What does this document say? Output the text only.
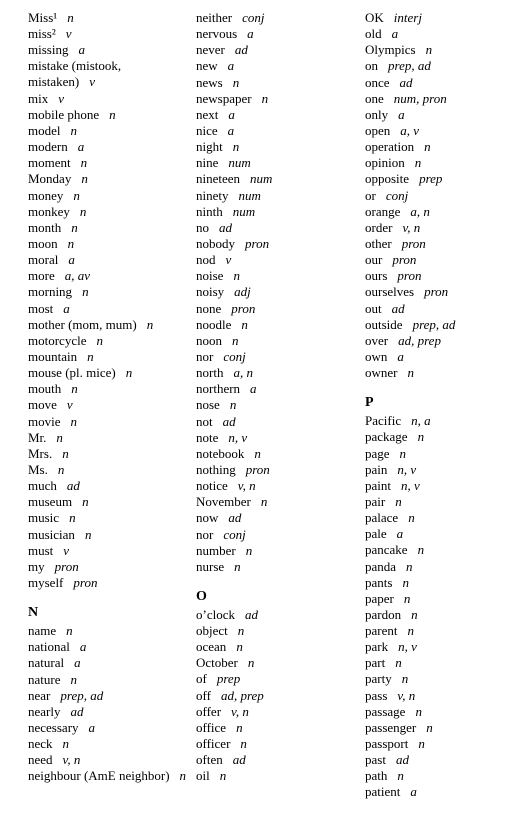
Miss¹ n
miss² v
missing a
mistake (mistook, mistaken) v
mix v
mobile phone n
model n
modern a
moment n
Monday n
money n
monkey n
month n
moon n
moral a
more a, av
morning n
most a
mother (mom, mum) n
motorcycle n
mountain n
mouse (pl. mice) n
mouth n
move v
movie n
Mr. n
Mrs. n
Ms. n
much ad
museum n
music n
musician n
must v
my pron
myself pron
N
name n
national a
natural a
nature n
near prep, ad
nearly ad
necessary a
neck n
need v, n
neighbour (AmE neighbor) n
neither conj
nervous a
never ad
new a
news n
newspaper n
next a
nice a
night n
nine num
nineteen num
ninety num
ninth num
no ad
nobody pron
nod v
noise n
noisy adj
none pron
noodle n
noon n
nor conj
north a, n
northern a
nose n
not ad
note n, v
notebook n
nothing pron
notice v, n
November n
now ad
nor conj
number n
nurse n
O
o’clock ad
object n
ocean n
October n
of prep
off ad, prep
offer v, n
office n
officer n
often ad
oil n
OK interj
old a
Olympics n
on prep, ad
once ad
one num, pron
only a
open a, v
operation n
opinion n
opposite prep
or conj
orange a, n
order v, n
other pron
our pron
ours pron
ourselves pron
out ad
outside prep, ad
over ad, prep
own a
owner n
P
Pacific n, a
package n
page n
pain n, v
paint n, v
pair n
palace n
pale a
pancake n
panda n
pants n
paper n
pardon n
parent n
park n, v
part n
party n
pass v, n
passage n
passenger n
passport n
past ad
path n
patient a
